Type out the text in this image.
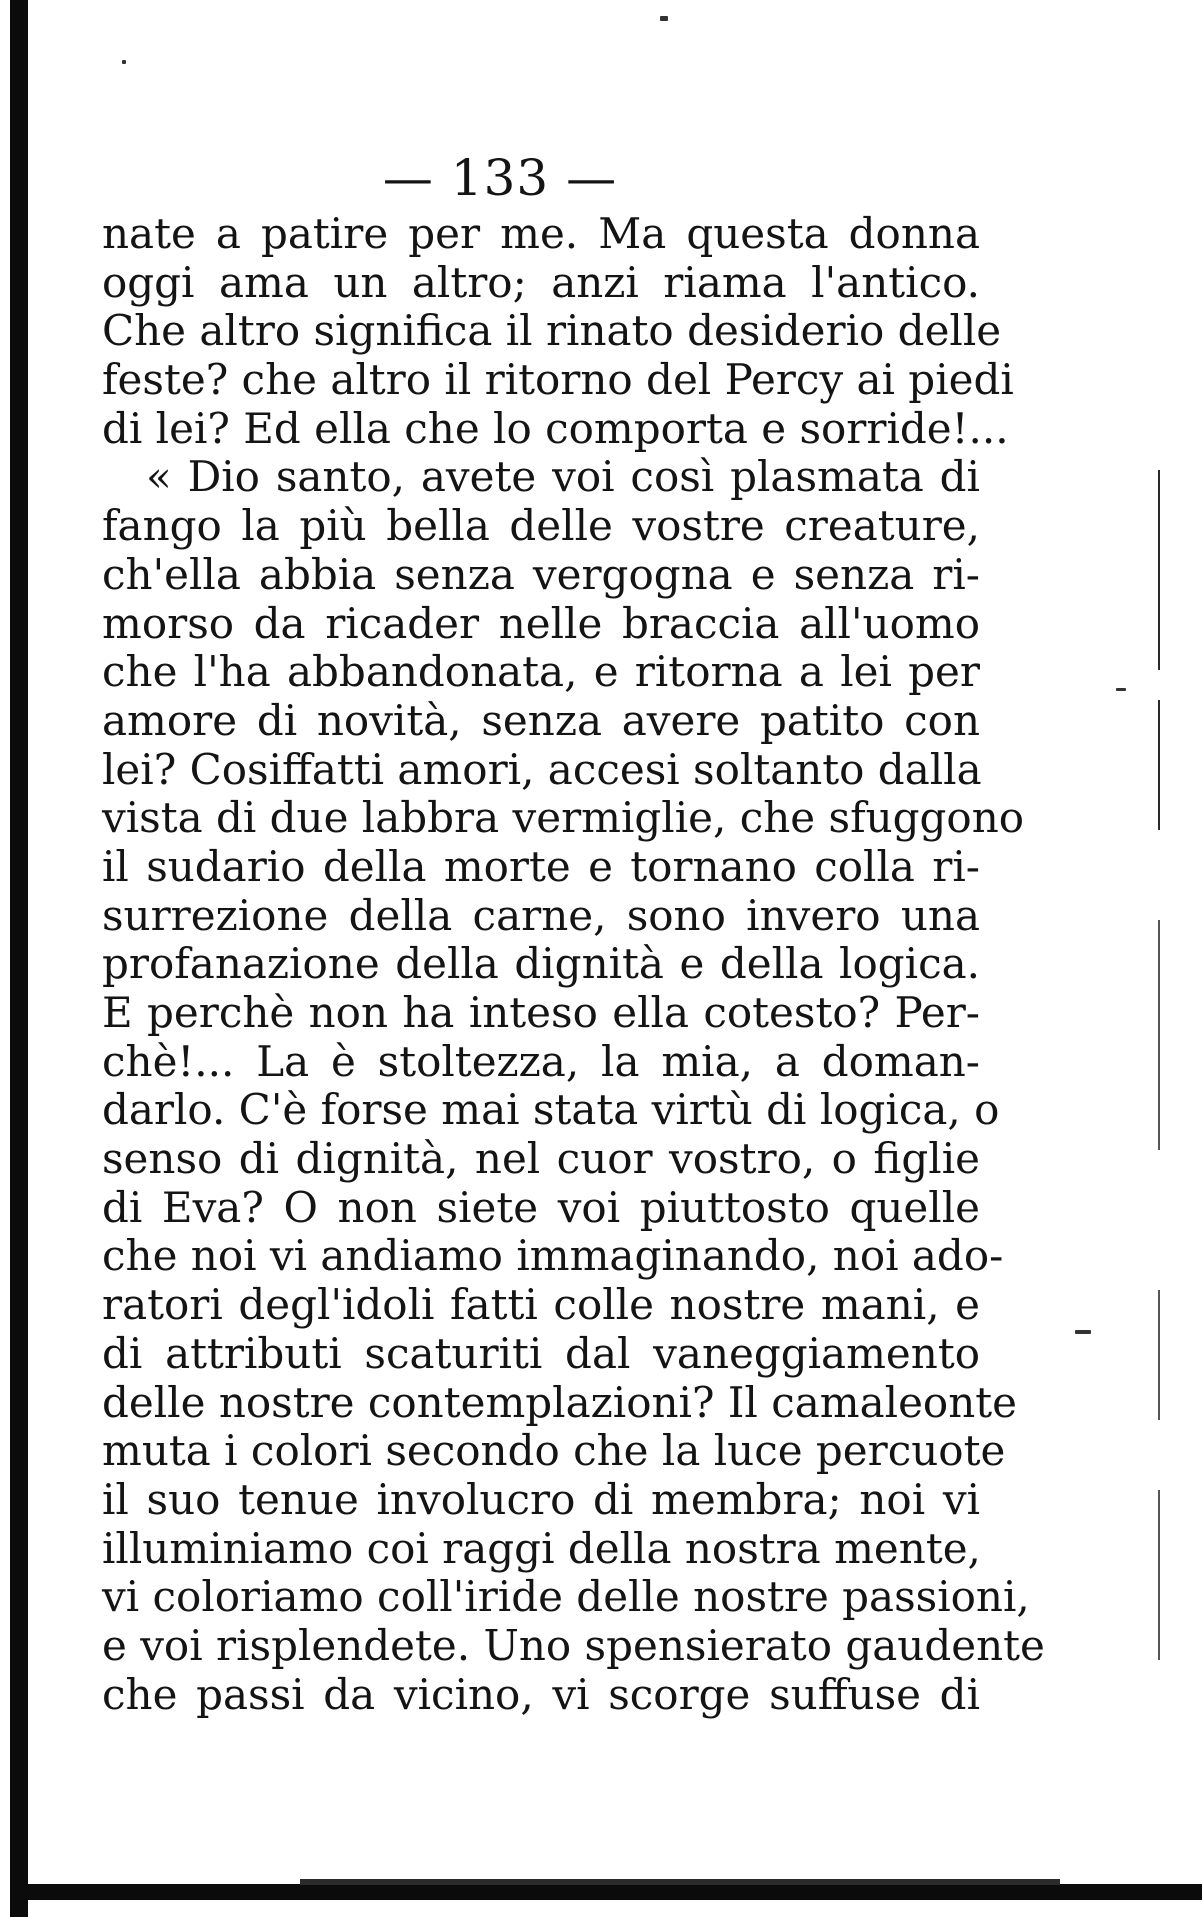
— 133 —
nate a patire per me. Ma questa donna
oggi ama un altro; anzi riama l'antico.
Che altro significa il rinato desiderio delle
feste? che altro il ritorno del Percy ai piedi
di lei? Ed ella che lo comporta e sorride!...
« Dio santo, avete voi così plasmata di
fango la più bella delle vostre creature,
ch'ella abbia senza vergogna e senza ri-
morso da ricader nelle braccia all'uomo
che l'ha abbandonata, e ritorna a lei per
amore di novità, senza avere patito con
lei? Cosiffatti amori, accesi soltanto dalla
vista di due labbra vermiglie, che sfuggono
il sudario della morte e tornano colla ri-
surrezione della carne, sono invero una
profanazione della dignità e della logica.
E perchè non ha inteso ella cotesto? Per-
chè!... La è stoltezza, la mia, a doman-
darlo. C'è forse mai stata virtù di logica, o
senso di dignità, nel cuor vostro, o figlie
di Eva? O non siete voi piuttosto quelle
che noi vi andiamo immaginando, noi ado-
ratori degl'idoli fatti colle nostre mani, e
di attributi scaturiti dal vaneggiamento
delle nostre contemplazioni? Il camaleonte
muta i colori secondo che la luce percuote
il suo tenue involucro di membra; noi vi
illuminiamo coi raggi della nostra mente,
vi coloriamo coll'iride delle nostre passioni,
e voi risplendete. Uno spensierato gaudente
che passi da vicino, vi scorge suffuse di
